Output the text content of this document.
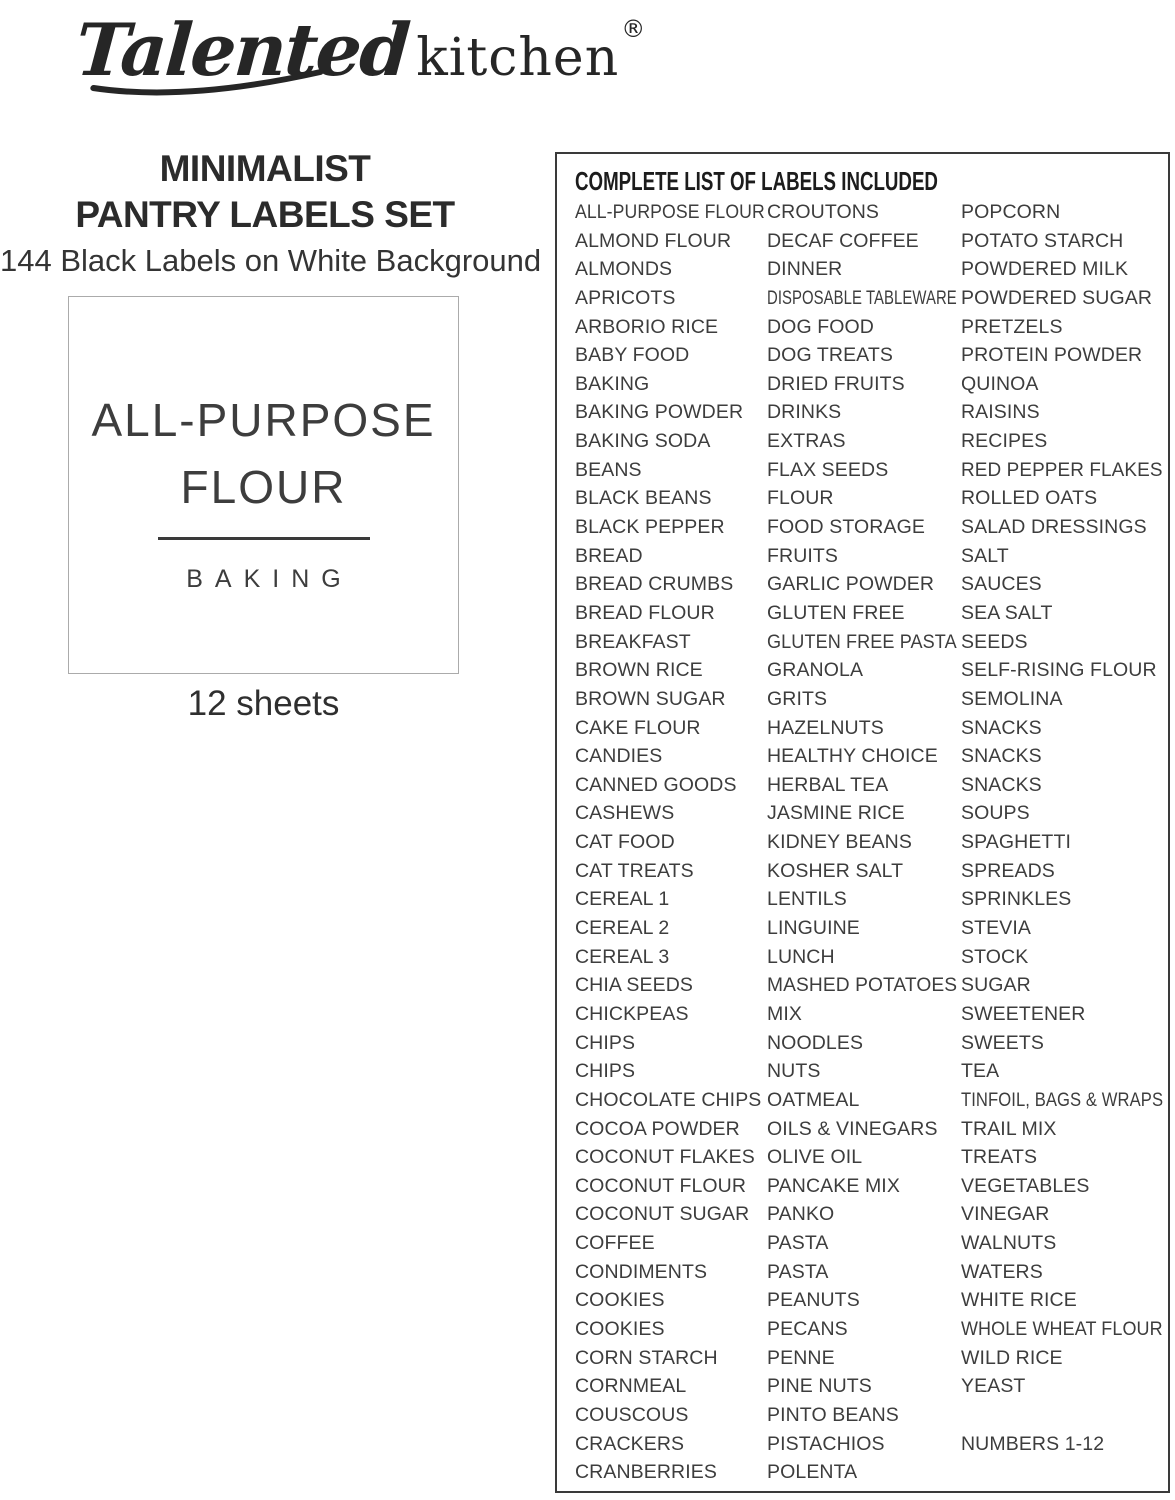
Talented kitchen ®
MINIMALIST
PANTRY LABELS SET
144 Black Labels on White Background
ALL-PURPOSE
FLOUR
BAKING
12 sheets
COMPLETE LIST OF LABELS INCLUDED
ALL-PURPOSE FLOUR
ALMOND FLOUR
ALMONDS
APRICOTS
ARBORIO RICE
BABY FOOD
BAKING
BAKING POWDER
BAKING SODA
BEANS
BLACK BEANS
BLACK PEPPER
BREAD
BREAD CRUMBS
BREAD FLOUR
BREAKFAST
BROWN RICE
BROWN SUGAR
CAKE FLOUR
CANDIES
CANNED GOODS
CASHEWS
CAT FOOD
CAT TREATS
CEREAL 1
CEREAL 2
CEREAL 3
CHIA SEEDS
CHICKPEAS
CHIPS
CHIPS
CHOCOLATE CHIPS
COCOA POWDER
COCONUT FLAKES
COCONUT FLOUR
COCONUT SUGAR
COFFEE
CONDIMENTS
COOKIES
COOKIES
CORN STARCH
CORNMEAL
COUSCOUS
CRACKERS
CRANBERRIES
CROUTONS
DECAF COFFEE
DINNER
DISPOSABLE TABLEWARE
DOG FOOD
DOG TREATS
DRIED FRUITS
DRINKS
EXTRAS
FLAX SEEDS
FLOUR
FOOD STORAGE
FRUITS
GARLIC POWDER
GLUTEN FREE
GLUTEN FREE PASTA
GRANOLA
GRITS
HAZELNUTS
HEALTHY CHOICE
HERBAL TEA
JASMINE RICE
KIDNEY BEANS
KOSHER SALT
LENTILS
LINGUINE
LUNCH
MASHED POTATOES
MIX
NOODLES
NUTS
OATMEAL
OILS & VINEGARS
OLIVE OIL
PANCAKE MIX
PANKO
PASTA
PASTA
PEANUTS
PECANS
PENNE
PINE NUTS
PINTO BEANS
PISTACHIOS
POLENTA
POPCORN
POTATO STARCH
POWDERED MILK
POWDERED SUGAR
PRETZELS
PROTEIN POWDER
QUINOA
RAISINS
RECIPES
RED PEPPER FLAKES
ROLLED OATS
SALAD DRESSINGS
SALT
SAUCES
SEA SALT
SEEDS
SELF-RISING FLOUR
SEMOLINA
SNACKS
SNACKS
SNACKS
SOUPS
SPAGHETTI
SPREADS
SPRINKLES
STEVIA
STOCK
SUGAR
SWEETENER
SWEETS
TEA
TINFOIL, BAGS & WRAPS
TRAIL MIX
TREATS
VEGETABLES
VINEGAR
WALNUTS
WATERS
WHITE RICE
WHOLE WHEAT FLOUR
WILD RICE
YEAST
NUMBERS 1-12
